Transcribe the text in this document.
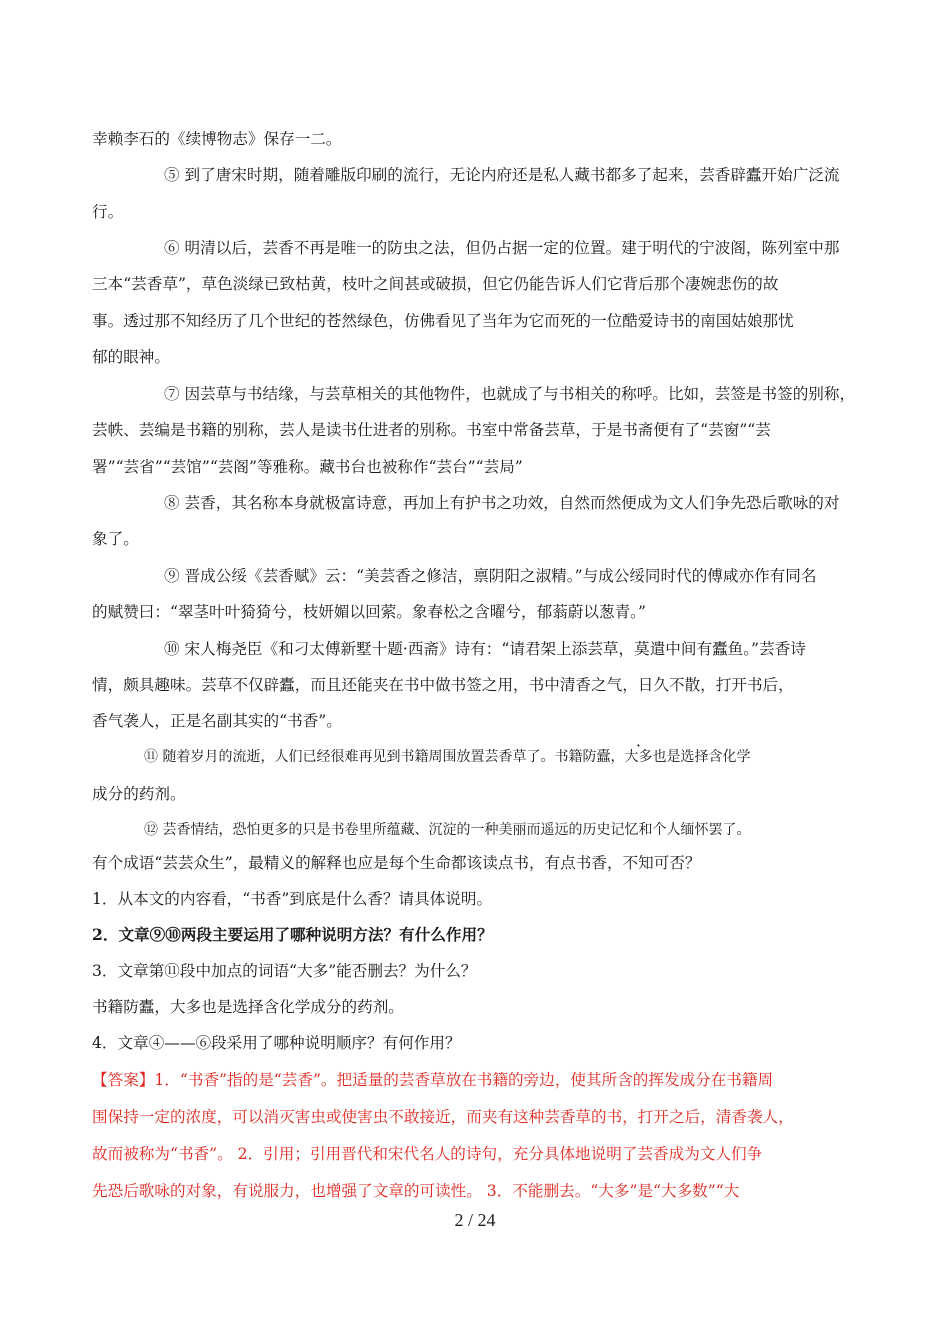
幸赖李石的《续博物志》保存一二。
⑤ 到了唐宋时期，随着雕版印刷的流行，无论内府还是私人藏书都多了起来，芸香辟蠹开始广泛流
行。
⑥ 明清以后，芸香不再是唯一的防虫之法，但仍占据一定的位置。建于明代的宁波阁，陈列室中那
三本“芸香草”，草色淡绿已致枯黄，枝叶之间甚或破损，但它仍能告诉人们它背后那个凄婉悲伤的故
事。透过那不知经历了几个世纪的苍然绿色，仿佛看见了当年为它而死的一位酷爱诗书的南国姑娘那忧
郁的眼神。
⑦ 因芸草与书结缘，与芸草相关的其他物件，也就成了与书相关的称呼。比如，芸签是书签的别称，
芸帙、芸编是书籍的别称，芸人是读书仕进者的别称。书室中常备芸草，于是书斋便有了“芸窗”“芸
署”“芸省”“芸馆”“芸阁”等雅称。藏书台也被称作“芸台”“芸局”
⑧ 芸香，其名称本身就极富诗意，再加上有护书之功效，自然而然便成为文人们争先恐后歌咏的对
象了。
⑨ 晋成公绥《芸香赋》云：“美芸香之修洁，禀阴阳之淑精。”与成公绥同时代的傅咸亦作有同名
的赋赞曰：“翠茎叶叶猗猗兮，枝妍媚以回萦。象春松之含曜兮，郁蓊蔚以葱青。”
⑩ 宋人梅尧臣《和刁太傅新墅十题·西斋》诗有：“请君架上添芸草，莫遣中间有蠹鱼。”芸香诗
情，颇具趣味。芸草不仅辟蠹，而且还能夹在书中做书签之用，书中清香之气，日久不散，打开书后，
香气袭人，正是名副其实的“书香”。
⑪ 随着岁月的流逝，人们已经很难再见到书籍周围放置芸香草了。书籍防蠹，大多也是选择含化学
成分的药剂。
⑫ 芸香情结，恐怕更多的只是书卷里所蕴藏、沉淀的一种美丽而遥远的历史记忆和个人缅怀罢了。
有个成语“芸芸众生”，最精义的解释也应是每个生命都该读点书，有点书香，不知可否？
1．从本文的内容看，“书香”到底是什么香？请具体说明。
2．文章⑨⑩两段主要运用了哪种说明方法？有什么作用？
3．文章第⑪段中加点的词语“大多”能否删去？为什么？
书籍防蠹，大多也是选择含化学成分的药剂。
4．文章④——⑥段采用了哪种说明顺序？有何作用？
【答案】1．“书香”指的是“芸香”。把适量的芸香草放在书籍的旁边，使其所含的挥发成分在书籍周
围保持一定的浓度，可以消灭害虫或使害虫不敢接近，而夹有这种芸香草的书，打开之后，清香袭人，
故而被称为“书香”。 2．引用；引用晋代和宋代名人的诗句，充分具体地说明了芸香成为文人们争
先恐后歌咏的对象，有说服力，也增强了文章的可读性。 3．不能删去。“大多”是“大多数”“大
2 / 24
